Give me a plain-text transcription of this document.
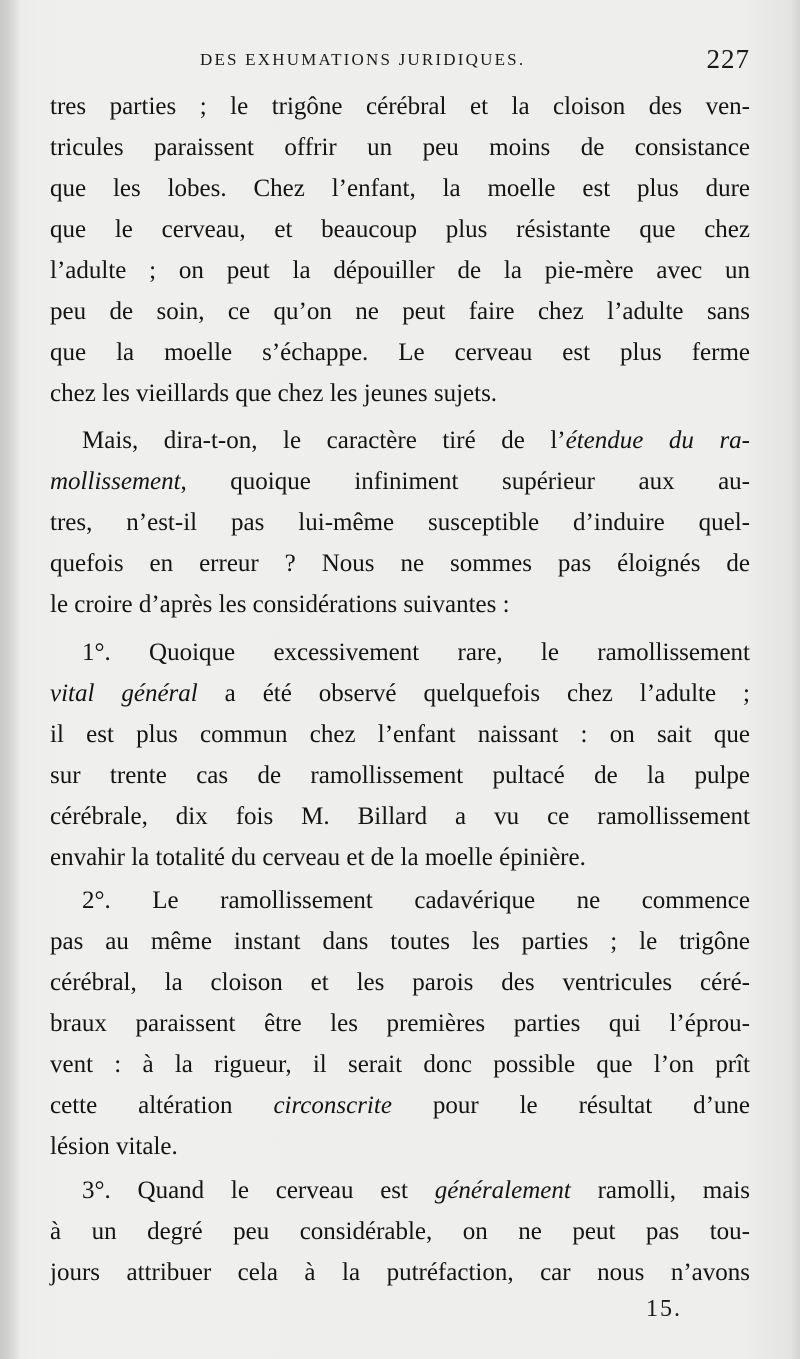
DES EXHUMATIONS JURIDIQUES.	227
tres parties ; le trigône cérébral et la cloison des ven-
tricules paraissent offrir un peu moins de consistance
que les lobes. Chez l’enfant, la moelle est plus dure
que le cerveau, et beaucoup plus résistante que chez
l’adulte ; on peut la dépouiller de la pie-mère avec un
peu de soin, ce qu’on ne peut faire chez l’adulte sans
que la moelle s’échappe. Le cerveau est plus ferme
chez les vieillards que chez les jeunes sujets.
Mais, dira-t-on, le caractère tiré de l’étendue du ra-
mollissement, quoique infiniment supérieur aux au-
tres, n’est-il pas lui-même susceptible d’induire quel-
quefois en erreur ? Nous ne sommes pas éloignés de
le croire d’après les considérations suivantes :
1°. Quoique excessivement rare, le ramollissement
vital général a été observé quelquefois chez l’adulte ;
il est plus commun chez l’enfant naissant : on sait que
sur trente cas de ramollissement pultacé de la pulpe
cérébrale, dix fois M. Billard a vu ce ramollissement
envahir la totalité du cerveau et de la moelle épinière.
2°. Le ramollissement cadavérique ne commence
pas au même instant dans toutes les parties ; le trigône
cérébral, la cloison et les parois des ventricules céré-
braux paraissent être les premières parties qui l’éprou-
vent : à la rigueur, il serait donc possible que l’on prît
cette altération circonscrite pour le résultat d’une
lésion vitale.
3°. Quand le cerveau est généralement ramolli, mais
à un degré peu considérable, on ne peut pas tou-
jours attribuer cela à la putréfaction, car nous n’avons
15.
